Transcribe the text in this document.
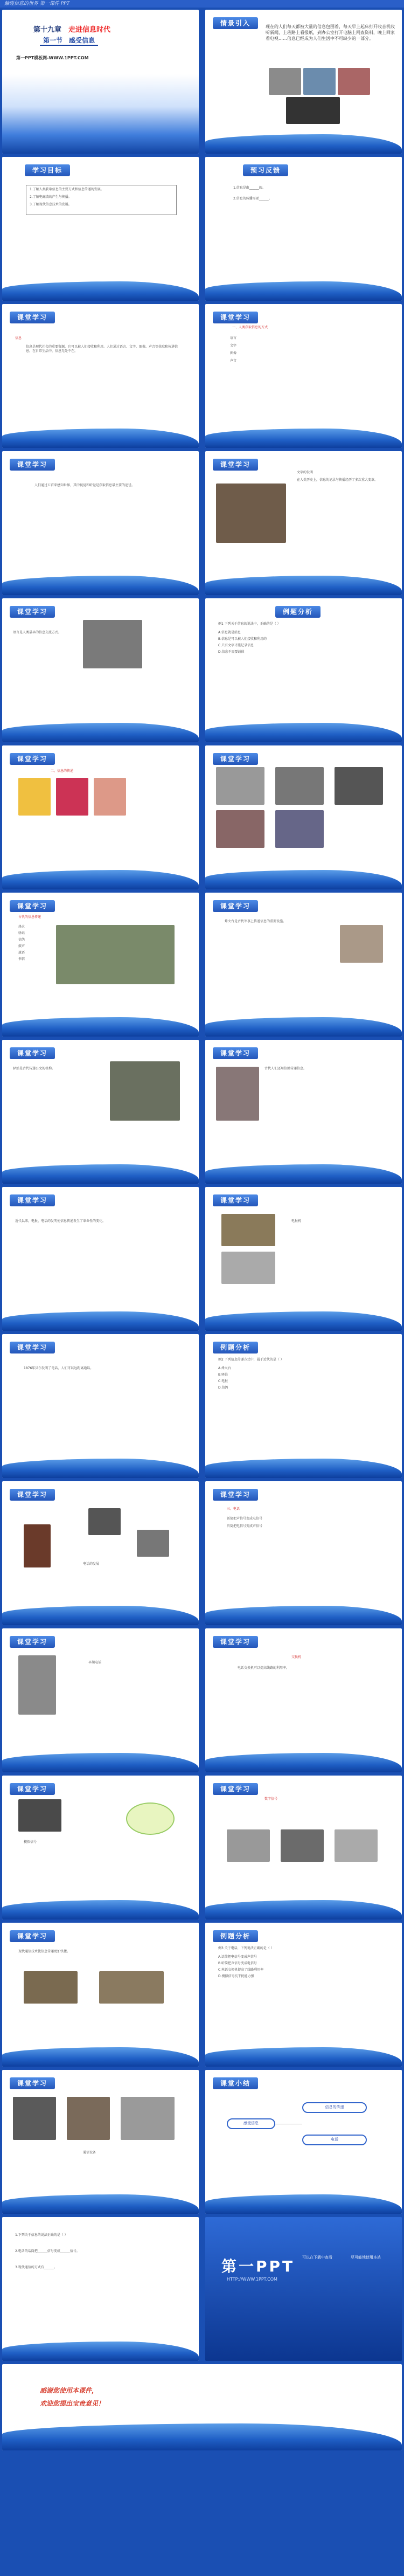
触碰信息的世界 第一课件 PPT
第十九章　 走进信息时代
第一节　 感受信息
第一PPT模板网-WWW.1PPT.COM
情景引入	现在的人们每天都被大量的信息包围着，每天早上起床打开收音机收听新闻，上班路上看报纸，到办公室打开电脑上网查资料，晚上回家看电视……信息已经成为人们生活中不可缺少的一部分。
学习目标
1.了解人类获取信息的主要方式和信息传递的发展。
2.了解电磁波的产生与传播。
3.了解现代信息技术的发展。
预习反馈
1.信息是由______的。
2.信息的传播需要______。
课堂学习
信息
信息是现代社会的重要资源，它可以被人们接收和利用。人们通过语言、文字、图像、声音等获取和传递信息。在日常生活中，信息无处不在。
课堂学习
一、人类获取信息的方式
语言
文字
图像
声音
课堂学习
人们通过五官来感知世界，其中视觉和听觉是获取信息最主要的途径。
课堂学习
文字的发明
在人类历史上，信息的记录与传播经历了多次重大变革。
课堂学习
语言是人类最早的信息交流方式。
例题分析
例1 下列关于信息的说法中，正确的是（ ）
A.信息就是消息
B.信息是可以被人们接收和利用的
C.只有文字才能记录信息
D.信息不需要载体
课堂学习
二、信息的传递
课堂学习
课堂学习
古代的信息传递
烽火
驿站
信鸽
鼓声
旗语
书信
课堂学习
烽火台是古代军事上传递信息的重要设施。
课堂学习
驿站是古代传递公文的机构。
课堂学习
古代人们还用信鸽传递信息。
课堂学习
近代以来，电报、电话的发明使信息传递发生了革命性的变化。
课堂学习
电报机
课堂学习
1876年贝尔发明了电话，人们可以远距离通话。
例题分析
例2 下列信息传递方式中，属于近代的是（ ）
A.烽火台
B.驿站
C.电报
D.信鸽
课堂学习
电话的发展
课堂学习
三、电话
话筒把声信号变成电信号
听筒把电信号变成声信号
课堂学习
早期电话
课堂学习
交换机
电话交换机可以提高线路的利用率。
课堂学习
模拟信号
课堂学习
数字信号
课堂学习
现代通信技术使信息传递更加快捷。
例题分析
例3 关于电话，下列说法正确的是（ ）
A.话筒把电信号变成声信号
B.听筒把声信号变成电信号
C.电话交换机提高了线路利用率
D.模拟信号抗干扰能力强
课堂学习
通信设备
课堂小结
感受信息
信息的传递
电话
1.下列关于信息的说法正确的是（ ）
2.电话的话筒把______信号变成______信号。
3.现代通信的方式有______。	第一PPT
HTTP://WWW.1PPT.COM
可以在下载中查看	尽可能地使用本站
感谢您使用本课件，
欢迎您提出宝贵意见！
